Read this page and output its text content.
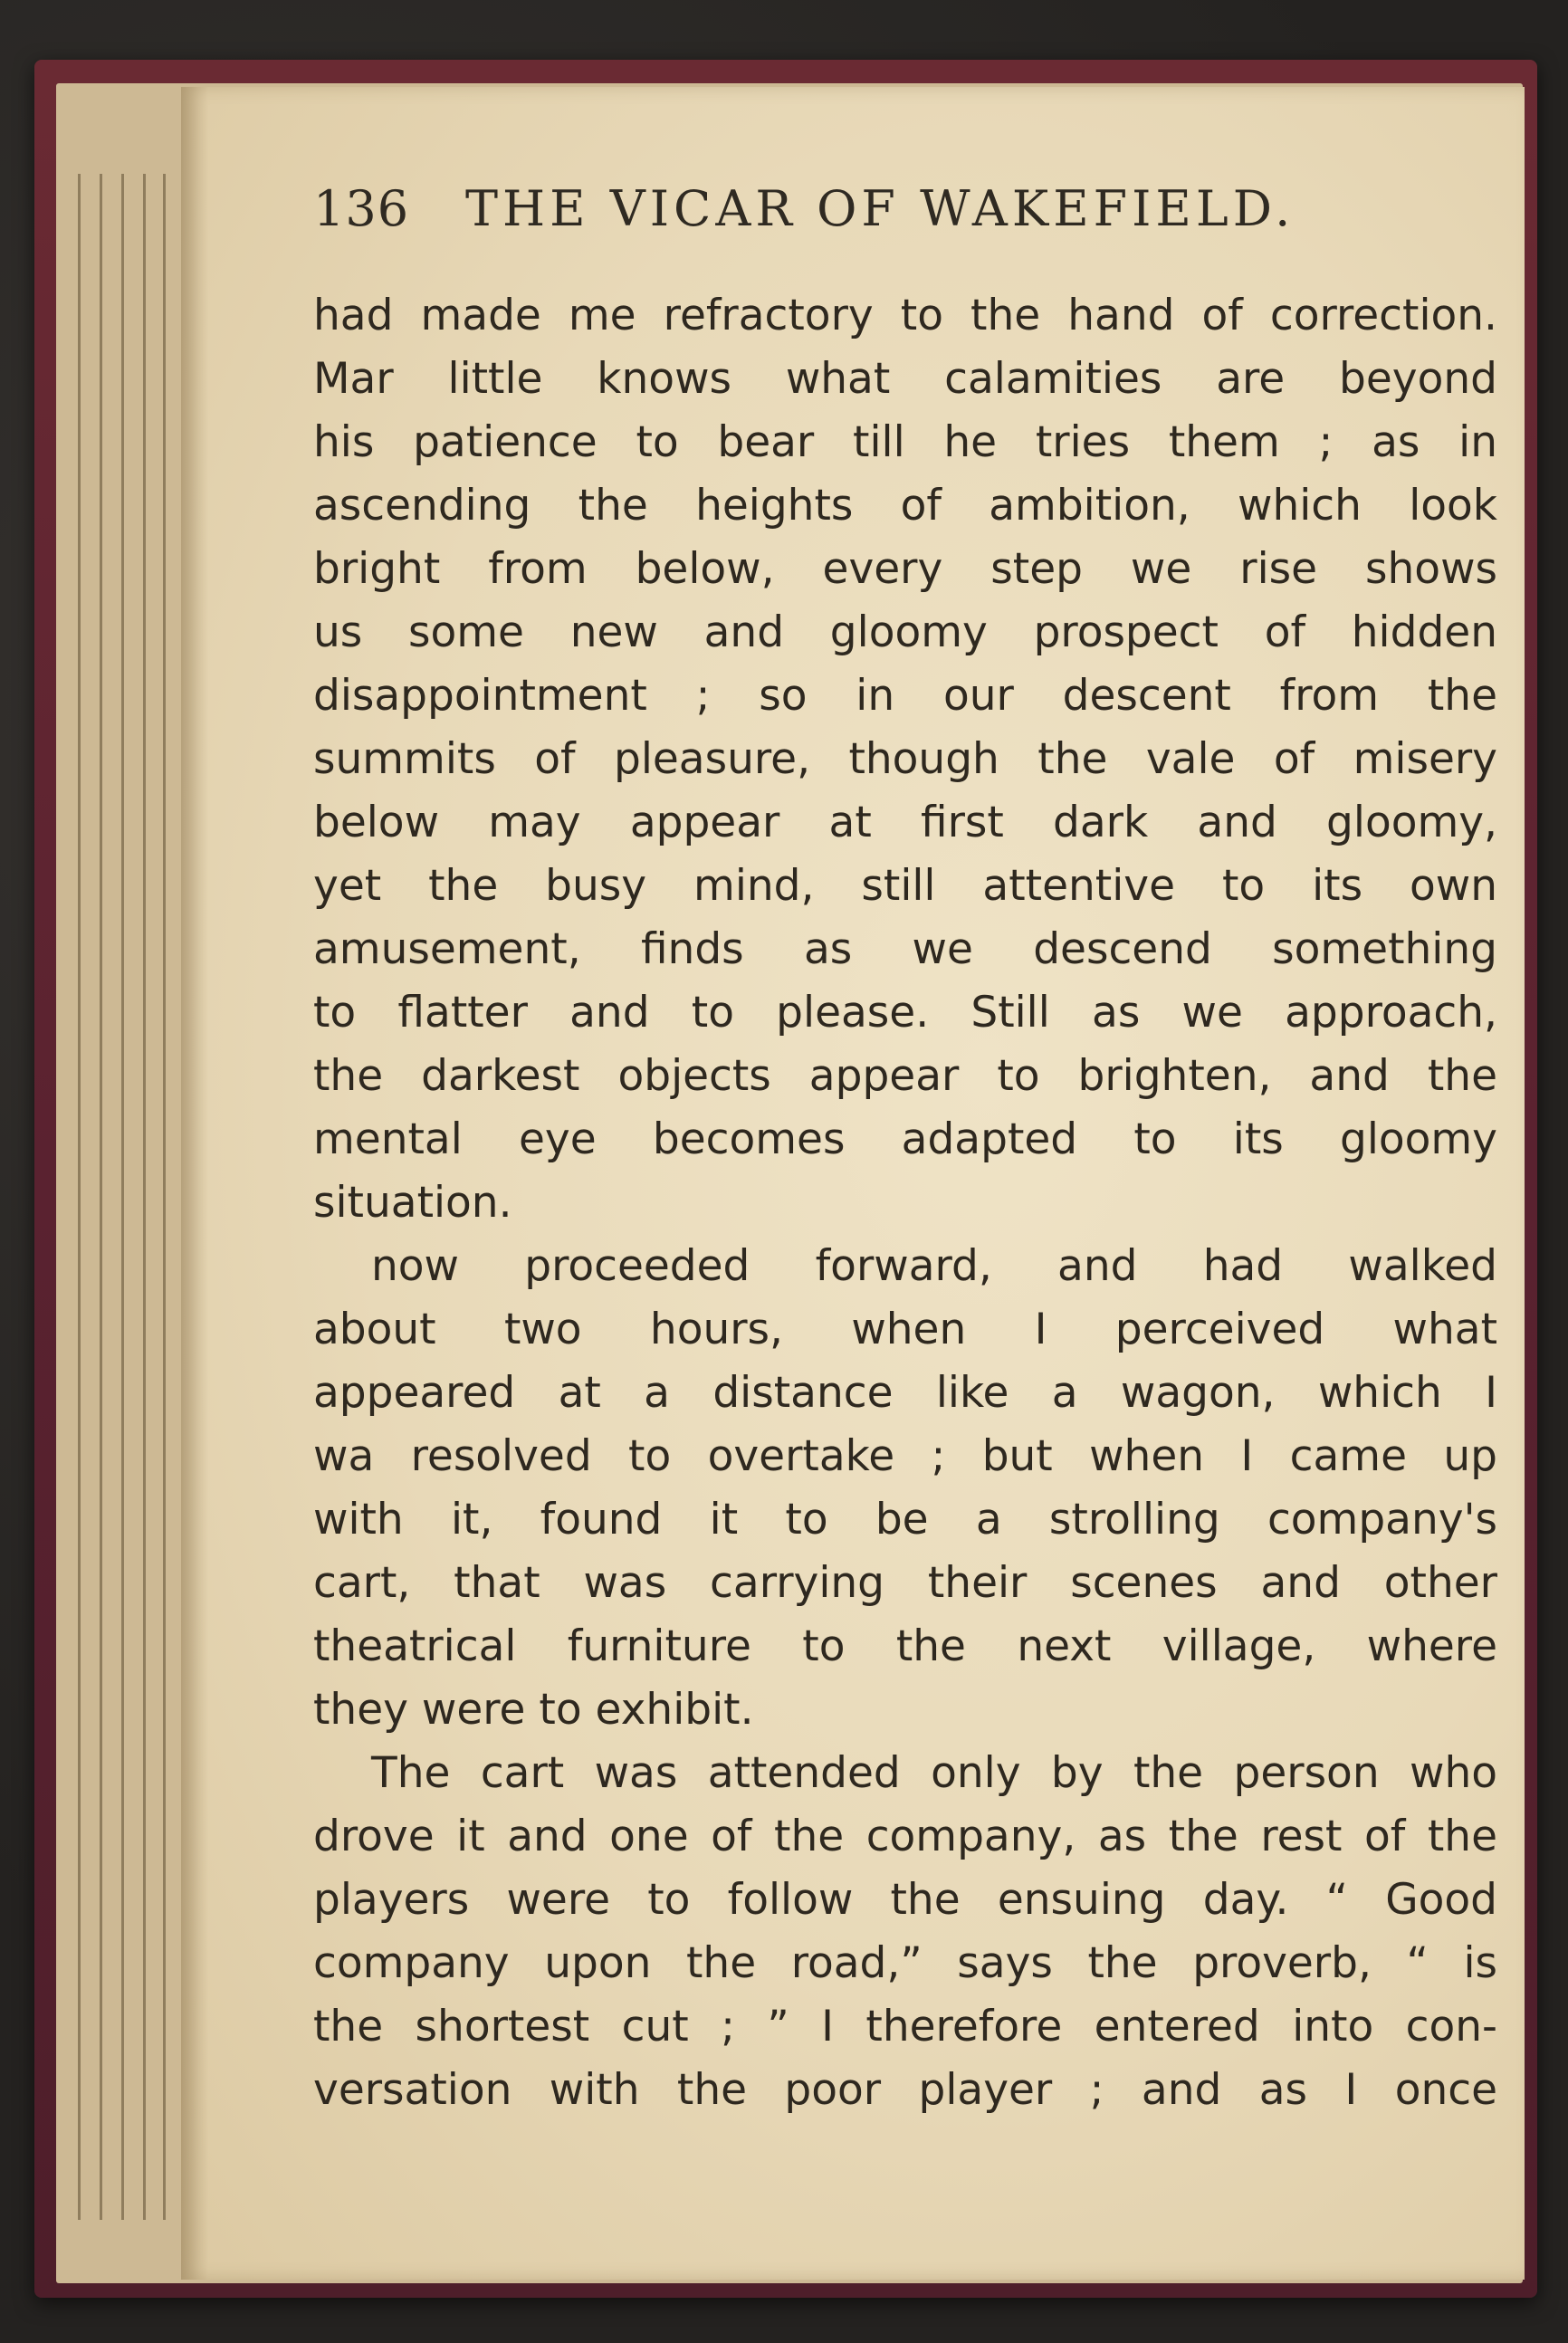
136 THE VICAR OF WAKEFIELD.
had made me refractory to the hand of correction.
Mar little knows what calamities are beyond
his patience to bear till he tries them ; as in
ascending the heights of ambition, which look
bright from below, every step we rise shows
us some new and gloomy prospect of hidden
disappointment ; so in our descent from the
summits of pleasure, though the vale of misery
below may appear at first dark and gloomy,
yet the busy mind, still attentive to its own
amusement, finds as we descend something
to flatter and to please. Still as we approach,
the darkest objects appear to brighten, and the
mental eye becomes adapted to its gloomy
situation.
now proceeded forward, and had walked
about two hours, when I perceived what
appeared at a distance like a wagon, which I
wa resolved to overtake ; but when I came up
with it, found it to be a strolling company's
cart, that was carrying their scenes and other
theatrical furniture to the next village, where
they were to exhibit.
The cart was attended only by the person who
drove it and one of the company, as the rest of the
players were to follow the ensuing day. “ Good
company upon the road,” says the proverb, “ is
the shortest cut ; ” I therefore entered into con-
versation with the poor player ; and as I once
